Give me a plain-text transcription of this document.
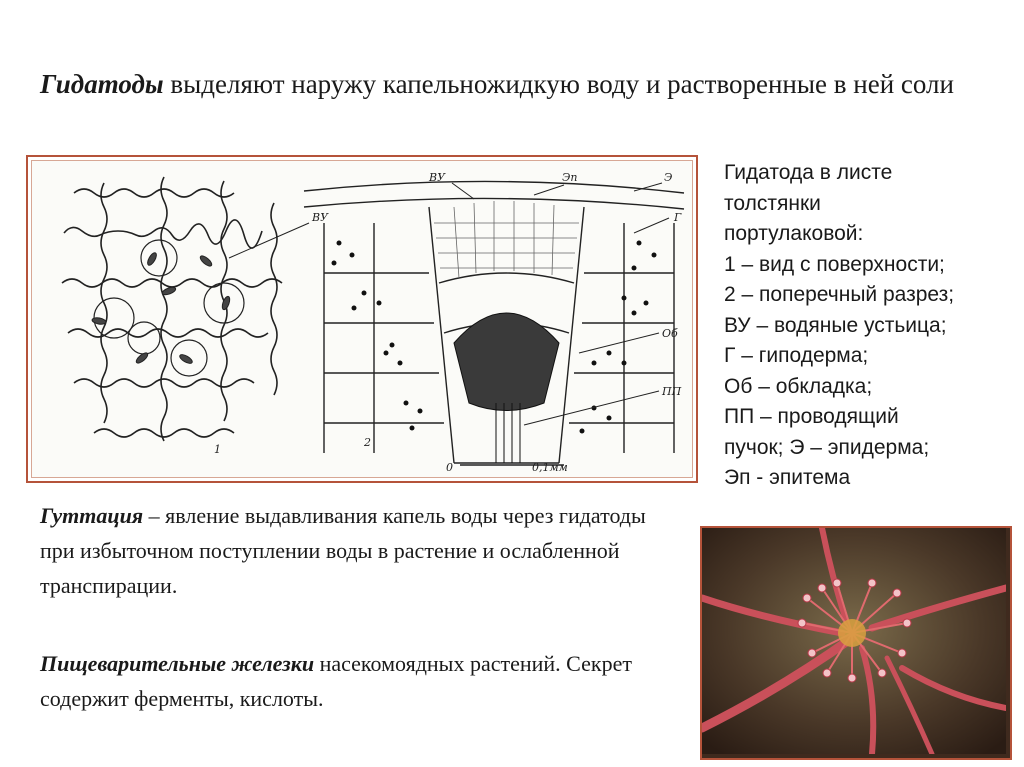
Гидатоды выделяют наружу капельножидкую воду и растворенные в ней соли
ВУ
ВУ	Эп	Э
Г
Об
ПП
1
2
0	0,1мм
Гидатода в листе
толстянки
портулаковой:
1 – вид с поверхности;
2 – поперечный разрез;
ВУ – водяные устьица;
Г – гиподерма;
Об – обкладка;
ПП – проводящий
пучок; Э – эпидерма;
Эп - эпитема
Гуттация – явление выдавливания капель воды через гидатоды при избыточном поступлении воды в растение и ослабленной транспирации.
Пищеварительные железки насекомоядных растений. Секрет содержит ферменты, кислоты.
